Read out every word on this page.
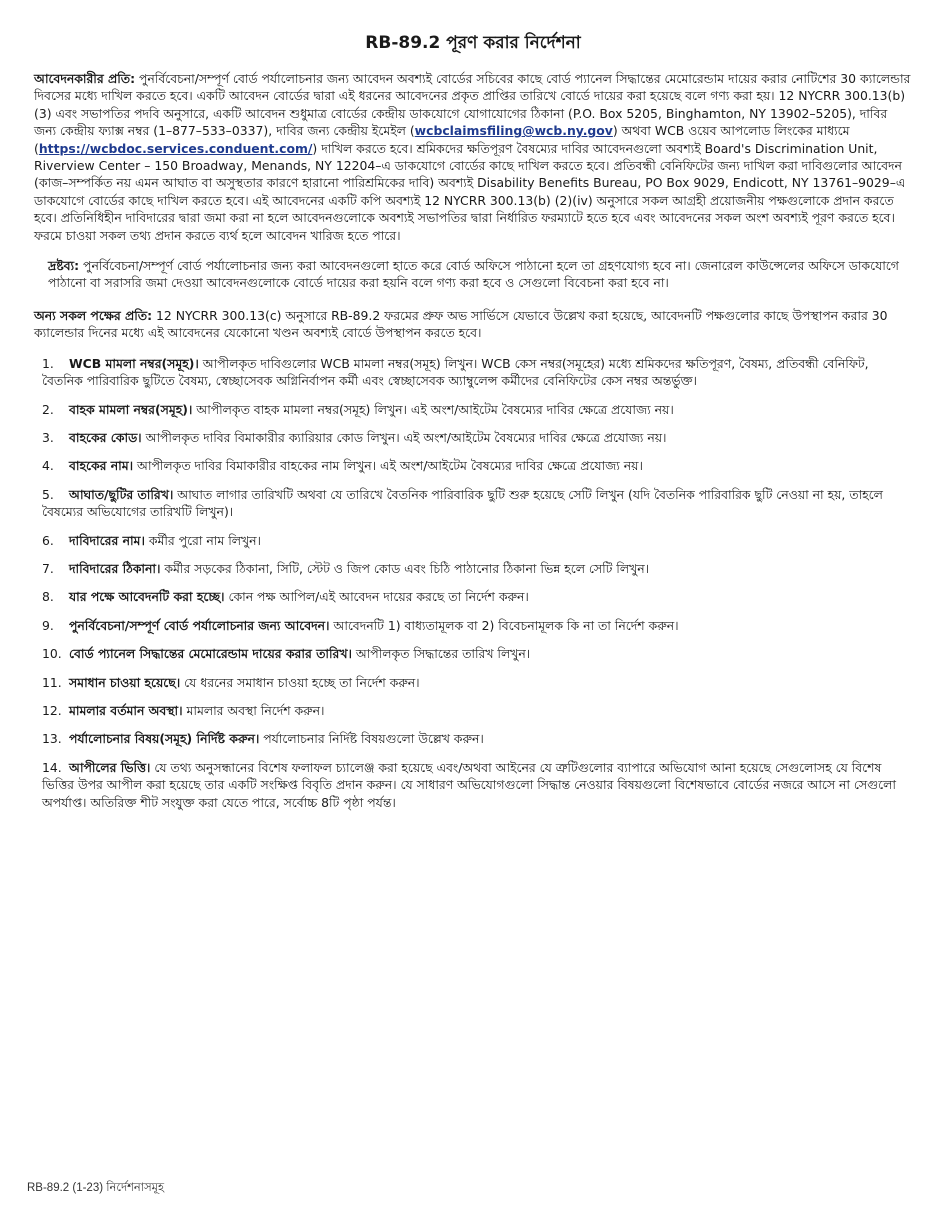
RB-89.2 পূরণ করার নির্দেশনা

আবেদনকারীর প্রতি: পুনর্বিবেচনা/সম্পূর্ণ বোর্ড পর্যালোচনার জন্য আবেদন অবশ্যই বোর্ডের সচিবের কাছে বোর্ড প্যানেল সিদ্ধান্তের মেমোরেন্ডাম দায়ের করার নোটিশের 30 ক্যালেন্ডার দিবসের মধ্যে দাখিল করতে হবে। একটি আবেদন বোর্ডের দ্বারা এই ধরনের আবেদনের প্রকৃত প্রাপ্তির তারিখে বোর্ডে দায়ের করা হয়েছে বলে গণ্য করা হয়। 12 NYCRR 300.13(b)(3) এবং সভাপতির পদবি অনুসারে, একটি আবেদন শুধুমাত্র বোর্ডের কেন্দ্রীয় ডাকযোগে যোগাযোগের ঠিকানা (P.O. Box 5205, Binghamton, NY 13902–5205), দাবির জন্য কেন্দ্রীয় ফ্যাক্স নম্বর (1–877–533–0337), দাবির জন্য কেন্দ্রীয় ইমেইল (wcbclaimsfiling@wcb.ny.gov) অথবা WCB ওয়েব আপলোড লিংকের মাধ্যমে (https://wcbdoc.services.conduent.com/) দাখিল করতে হবে। শ্রমিকদের ক্ষতিপূরণ বৈষম্যের দাবির আবেদনগুলো অবশ্যই Board's Discrimination Unit, Riverview Center – 150 Broadway, Menands, NY 12204–এ ডাকযোগে বোর্ডের কাছে দাখিল করতে হবে। প্রতিবন্ধী বেনিফিটের জন্য দাখিল করা দাবিগুলোর আবেদন (কাজ–সম্পর্কিত নয় এমন আঘাত বা অসুস্থতার কারণে হারানো পারিশ্রমিকের দাবি) অবশ্যই Disability Benefits Bureau, PO Box 9029, Endicott, NY 13761–9029–এ ডাকযোগে বোর্ডের কাছে দাখিল করতে হবে। এই আবেদনের একটি কপি অবশ্যই 12 NYCRR 300.13(b) (2)(iv) অনুসারে সকল আগ্রহী প্রয়োজনীয় পক্ষগুলোকে প্রদান করতে হবে। প্রতিনিধিহীন দাবিদারের দ্বারা জমা করা না হলে আবেদনগুলোকে অবশ্যই সভাপতির দ্বারা নির্ধারিত ফরম্যাটে হতে হবে এবং আবেদনের সকল অংশ অবশ্যই পূরণ করতে হবে। ফরমে চাওয়া সকল তথ্য প্রদান করতে ব্যর্থ হলে আবেদন খারিজ হতে পারে।

দ্রষ্টব্য: পুনর্বিবেচনা/সম্পূর্ণ বোর্ড পর্যালোচনার জন্য করা আবেদনগুলো হাতে করে বোর্ড অফিসে পাঠানো হলে তা গ্রহণযোগ্য হবে না। জেনারেল কাউন্সেলের অফিসে ডাকযোগে পাঠানো বা সরাসরি জমা দেওয়া আবেদনগুলোকে বোর্ডে দায়ের করা হয়নি বলে গণ্য করা হবে ও সেগুলো বিবেচনা করা হবে না।

অন্য সকল পক্ষের প্রতি: 12 NYCRR 300.13(c) অনুসারে RB-89.2 ফরমের প্রুফ অভ সার্ভিসে যেভাবে উল্লেখ করা হয়েছে, আবেদনটি পক্ষগুলোর কাছে উপস্থাপন করার 30 ক্যালেন্ডার দিনের মধ্যে এই আবেদনের যেকোনো খণ্ডন অবশ্যই বোর্ডে উপস্থাপন করতে হবে।

1. WCB মামলা নম্বর(সমূহ)। আপীলকৃত দাবিগুলোর WCB মামলা নম্বর(সমূহ) লিখুন। WCB কেস নম্বর(সমূহের) মধ্যে শ্রমিকদের ক্ষতিপূরণ, বৈষম্য, প্রতিবন্ধী বেনিফিট, বৈতনিক পারিবারিক ছুটিতে বৈষম্য, স্বেচ্ছাসেবক অগ্নিনির্বাপন কর্মী এবং স্বেচ্ছাসেবক অ্যাম্বুলেন্স কর্মীদের বেনিফিটের কেস নম্বর অন্তর্ভুক্ত।
2. বাহক মামলা নম্বর(সমূহ)। আপীলকৃত বাহক মামলা নম্বর(সমূহ) লিখুন। এই অংশ/আইটেম বৈষম্যের দাবির ক্ষেত্রে প্রযোজ্য নয়।
3. বাহকের কোড। আপীলকৃত দাবির বিমাকারীর ক্যারিয়ার কোড লিখুন। এই অংশ/আইটেম বৈষম্যের দাবির ক্ষেত্রে প্রযোজ্য নয়।
4. বাহকের নাম। আপীলকৃত দাবির বিমাকারীর বাহকের নাম লিখুন। এই অংশ/আইটেম বৈষম্যের দাবির ক্ষেত্রে প্রযোজ্য নয়।
5. আঘাত/ছুটির তারিখ। আঘাত লাগার তারিখটি অথবা যে তারিখে বৈতনিক পারিবারিক ছুটি শুরু হয়েছে সেটি লিখুন (যদি বৈতনিক পারিবারিক ছুটি নেওয়া না হয়, তাহলে বৈষম্যের অভিযোগের তারিখটি লিখুন)।
6. দাবিদারের নাম। কর্মীর পুরো নাম লিখুন।
7. দাবিদারের ঠিকানা। কর্মীর সড়কের ঠিকানা, সিটি, স্টেট ও জিপ কোড এবং চিঠি পাঠানোর ঠিকানা ভিন্ন হলে সেটি লিখুন।
8. যার পক্ষে আবেদনটি করা হচ্ছে। কোন পক্ষ আপিল/এই আবেদন দায়ের করছে তা নির্দেশ করুন।
9. পুনর্বিবেচনা/সম্পূর্ণ বোর্ড পর্যালোচনার জন্য আবেদন। আবেদনটি 1) বাধ্যতামূলক বা 2) বিবেচনামূলক কি না তা নির্দেশ করুন।
10. বোর্ড প্যানেল সিদ্ধান্তের মেমোরেন্ডাম দায়ের করার তারিখ। আপীলকৃত সিদ্ধান্তের তারিখ লিখুন।
11. সমাধান চাওয়া হয়েছে। যে ধরনের সমাধান চাওয়া হচ্ছে তা নির্দেশ করুন।
12. মামলার বর্তমান অবস্থা। মামলার অবস্থা নির্দেশ করুন।
13. পর্যালোচনার বিষয়(সমূহ) নির্দিষ্ট করুন। পর্যালোচনার নির্দিষ্ট বিষয়গুলো উল্লেখ করুন।
14. আপীলের ভিত্তি। যে তথ্য অনুসন্ধানের বিশেষ ফলাফল চ্যালেঞ্জ করা হয়েছে এবং/অথবা আইনের যে ত্রুটিগুলোর ব্যাপারে অভিযোগ আনা হয়েছে সেগুলোসহ যে বিশেষ ভিত্তির উপর আপীল করা হয়েছে তার একটি সংক্ষিপ্ত বিবৃতি প্রদান করুন। যে সাধারণ অভিযোগগুলো সিদ্ধান্ত নেওয়ার বিষয়গুলো বিশেষভাবে বোর্ডের নজরে আসে না সেগুলো অপর্যাপ্ত। অতিরিক্ত শীট সংযুক্ত করা যেতে পারে, সর্বোচ্চ 8টি পৃষ্ঠা পর্যন্ত।
RB-89.2 (1-23) নির্দেশনাসমূহ
